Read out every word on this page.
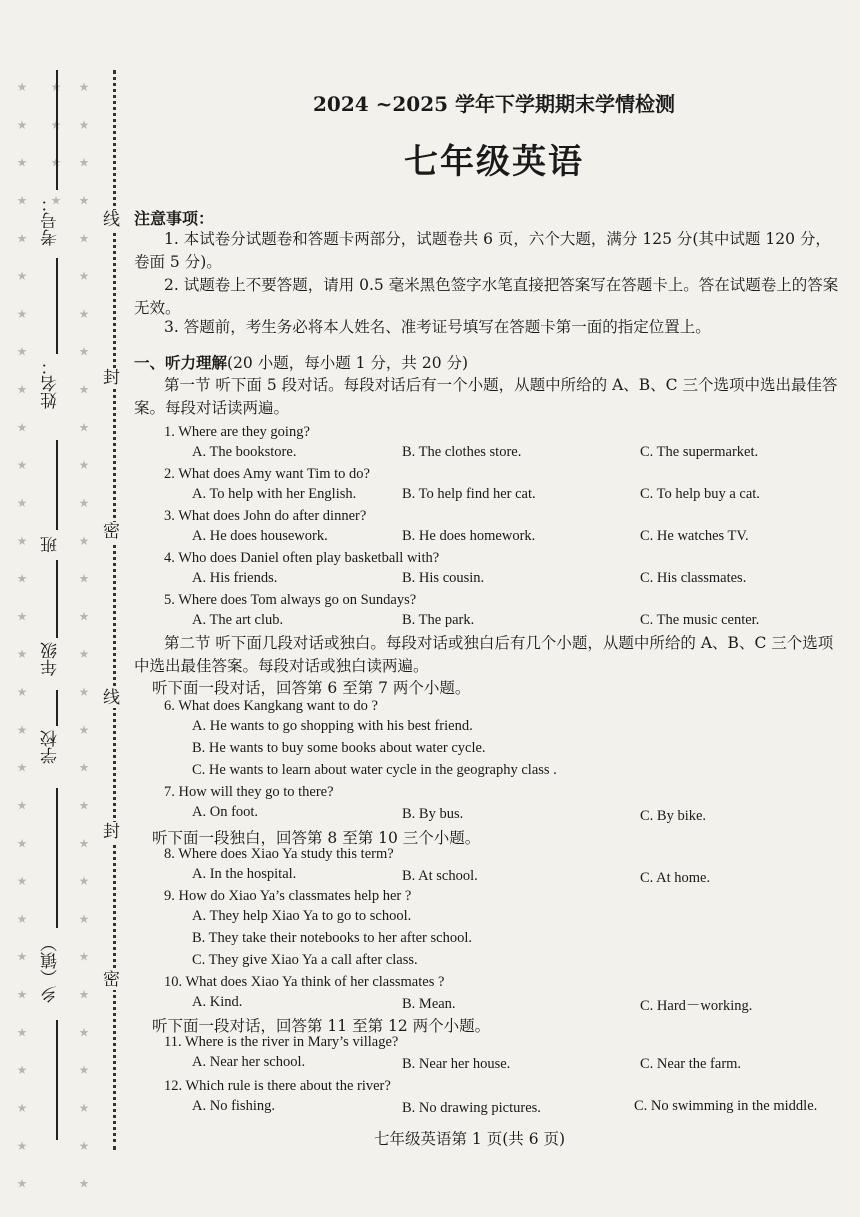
★ ★ ★ ★ ★ ★ ★ ★ ★ ★ ★ ★ ★ ★ ★ ★ ★ ★ ★ ★ ★ ★ ★ ★ ★ ★ ★ ★ ★ ★ ★ ★ ★ ★
★ ★ ★ ★ ★ ★ ★ ★ ★ ★ ★ ★ ★ ★ ★ ★ ★ ★ ★ ★ ★ ★ ★ ★ ★ ★ ★ ★ ★ ★
线
封
密
线
封
密
考号：
姓名：
班
年级
学校
乡（镇）
2024 ~2025 学年下学期期末学情检测
七年级英语
注意事项：
1. 本试卷分试题卷和答题卡两部分，试题卷共 6 页，六个大题，满分 125 分(其中试题 120 分，卷面 5 分)。
2. 试题卷上不要答题，请用 0.5 毫米黑色签字水笔直接把答案写在答题卡上。答在试题卷上的答案无效。
3. 答题前，考生务必将本人姓名、准考证号填写在答题卡第一面的指定位置上。
一、听力理解(20 小题，每小题 1 分，共 20 分)
第一节 听下面 5 段对话。每段对话后有一个小题，从题中所给的 A、B、C 三个选项中选出最佳答案。每段对话读两遍。
1. Where are they going?
A. The bookstore.	B. The clothes store.	C. The supermarket.
2. What does Amy want Tim to do?
A. To help with her English.	B. To help find her cat.	C. To help buy a cat.
3. What does John do after dinner?
A. He does housework.	B. He does homework.	C. He watches TV.
4. Who does Daniel often play basketball with?
A. His friends.	B. His cousin.	C. His classmates.
5. Where does Tom always go on Sundays?
A. The art club.	B. The park.	C. The music center.
第二节 听下面几段对话或独白。每段对话或独白后有几个小题，从题中所给的 A、B、C 三个选项中选出最佳答案。每段对话或独白读两遍。
听下面一段对话，回答第 6 至第 7 两个小题。
6. What does Kangkang want to do ?
A. He wants to go shopping with his best friend.
B. He wants to buy some books about water cycle.
C. He wants to learn about water cycle in the geography class .
7. How will they go to there?
A. On foot.	B. By bus.	C. By bike.
听下面一段独白，回答第 8 至第 10 三个小题。
8. Where does Xiao Ya study this term?
A. In the hospital.	B. At school.	C. At home.
9. How do Xiao Ya’s classmates help her ?
A. They help Xiao Ya to go to school.
B. They take their notebooks to her after school.
C. They give Xiao Ya a call after class.
10. What does Xiao Ya think of her classmates ?
A. Kind.	B. Mean.	C. Hard－working.
听下面一段对话，回答第 11 至第 12 两个小题。
11. Where is the river in Mary’s village?
A. Near her school.	B. Near her house.	C. Near the farm.
12. Which rule is there about the river?
A. No fishing.	B. No drawing pictures.	C. No swimming in the middle.
七年级英语第 1 页(共 6 页)
